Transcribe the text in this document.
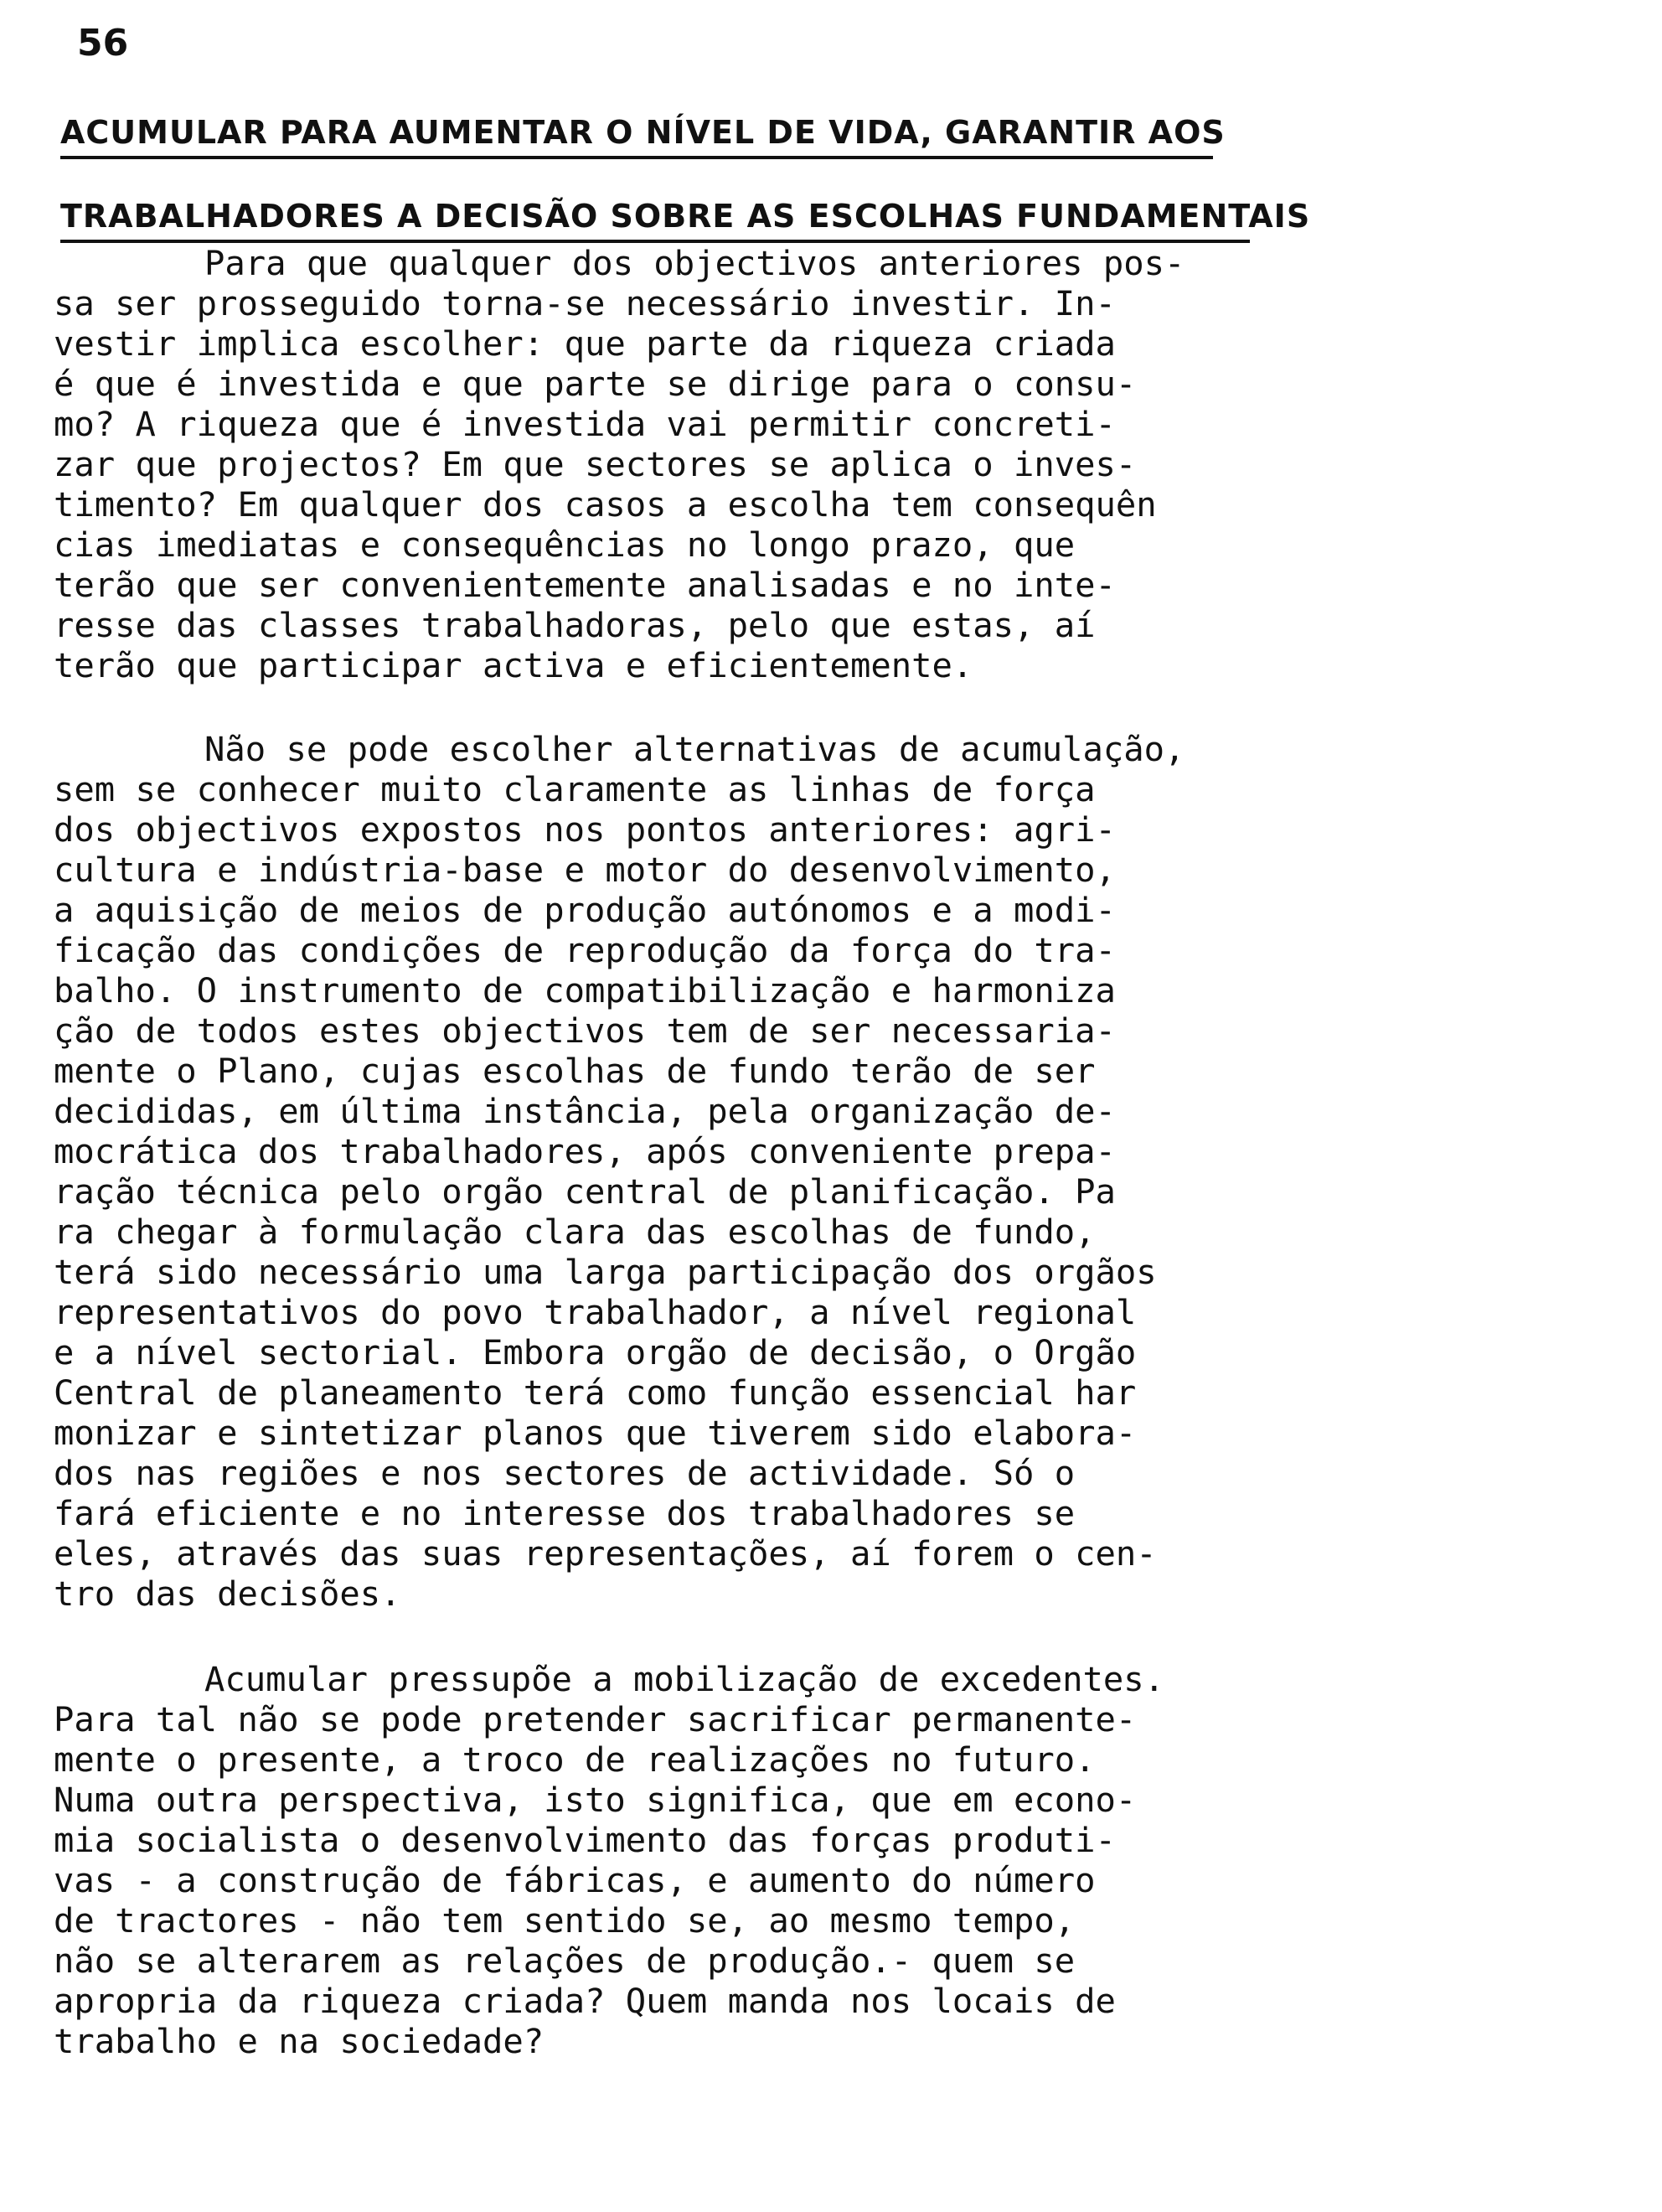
56
ACUMULAR PARA AUMENTAR O NÍVEL DE VIDA, GARANTIR AOS
TRABALHADORES A DECISÃO SOBRE AS ESCOLHAS FUNDAMENTAIS
Para que qualquer dos objectivos anteriores pos-
sa ser prosseguido torna-se necessário investir. In-
vestir implica escolher: que parte da riqueza criada
é que é investida e que parte se dirige para o consu-
mo? A riqueza que é investida vai permitir concreti-
zar que projectos? Em que sectores se aplica o inves-
timento? Em qualquer dos casos a escolha tem consequên
cias imediatas e consequências no longo prazo, que
terão que ser convenientemente analisadas e no inte-
resse das classes trabalhadoras, pelo que estas, aí
terão que participar activa e eficientemente.
Não se pode escolher alternativas de acumulação,
sem se conhecer muito claramente as linhas de força
dos objectivos expostos nos pontos anteriores: agri-
cultura e indústria-base e motor do desenvolvimento,
a aquisição de meios de produção autónomos e a modi-
ficação das condições de reprodução da força do tra-
balho. O instrumento de compatibilização e harmoniza
ção de todos estes objectivos tem de ser necessaria-
mente o Plano, cujas escolhas de fundo terão de ser
decididas, em última instância, pela organização de-
mocrática dos trabalhadores, após conveniente prepa-
ração técnica pelo orgão central de planificação. Pa
ra chegar à formulação clara das escolhas de fundo,
terá sido necessário uma larga participação dos orgãos
representativos do povo trabalhador, a nível regional
e a nível sectorial. Embora orgão de decisão, o Orgão
Central de planeamento terá como função essencial har
monizar e sintetizar planos que tiverem sido elabora-
dos nas regiões e nos sectores de actividade. Só o
fará eficiente e no interesse dos trabalhadores se
eles, através das suas representações, aí forem o cen-
tro das decisões.
Acumular pressupõe a mobilização de excedentes.
Para tal não se pode pretender sacrificar permanente-
mente o presente, a troco de realizações no futuro.
Numa outra perspectiva, isto significa, que em econo-
mia socialista o desenvolvimento das forças produti-
vas - a construção de fábricas, e aumento do número
de tractores - não tem sentido se, ao mesmo tempo,
não se alterarem as relações de produção.- quem se
apropria da riqueza criada? Quem manda nos locais de
trabalho e na sociedade?
